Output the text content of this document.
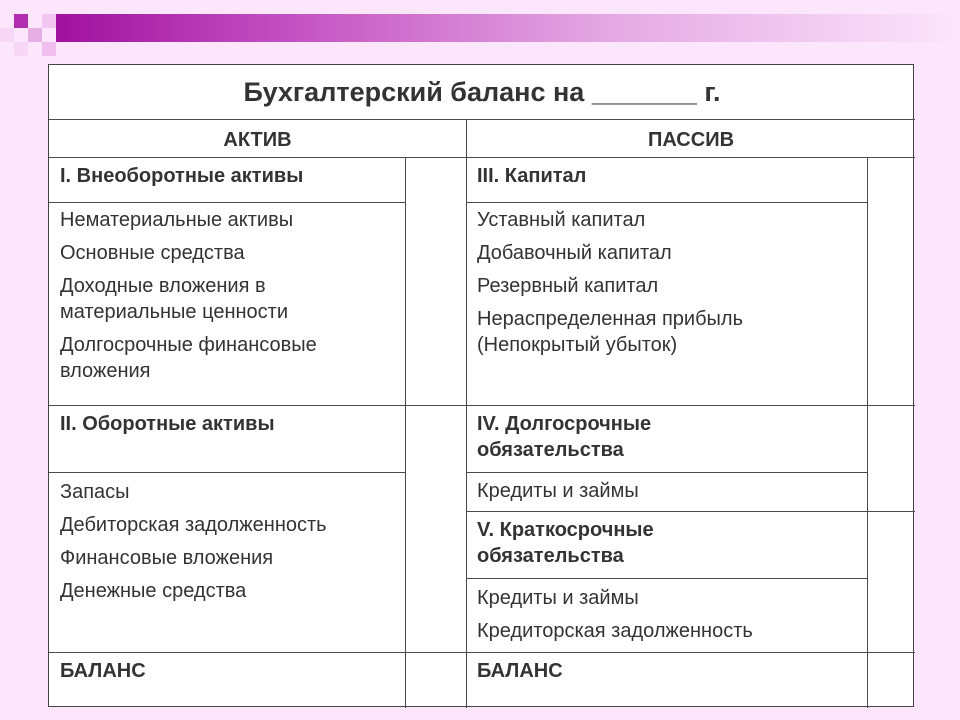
Бухгалтерский баланс на _______ г.
АКТИВ	ПАССИВ
I. Внеоборотные активы
Нематериальные активы
Основные средства
Доходные вложения в материальные ценности
Долгосрочные финансовые вложения
II. Оборотные активы
Запасы
Дебиторская задолженность
Финансовые вложения
Денежные средства
БАЛАНС
III. Капитал
Уставный капитал
Добавочный капитал
Резервный капитал
Нераспределенная прибыль (Непокрытый убыток)
IV. Долгосрочные обязательства
Кредиты и займы
V. Краткосрочные обязательства
Кредиты и займы
Кредиторская задолженность
БАЛАНС
